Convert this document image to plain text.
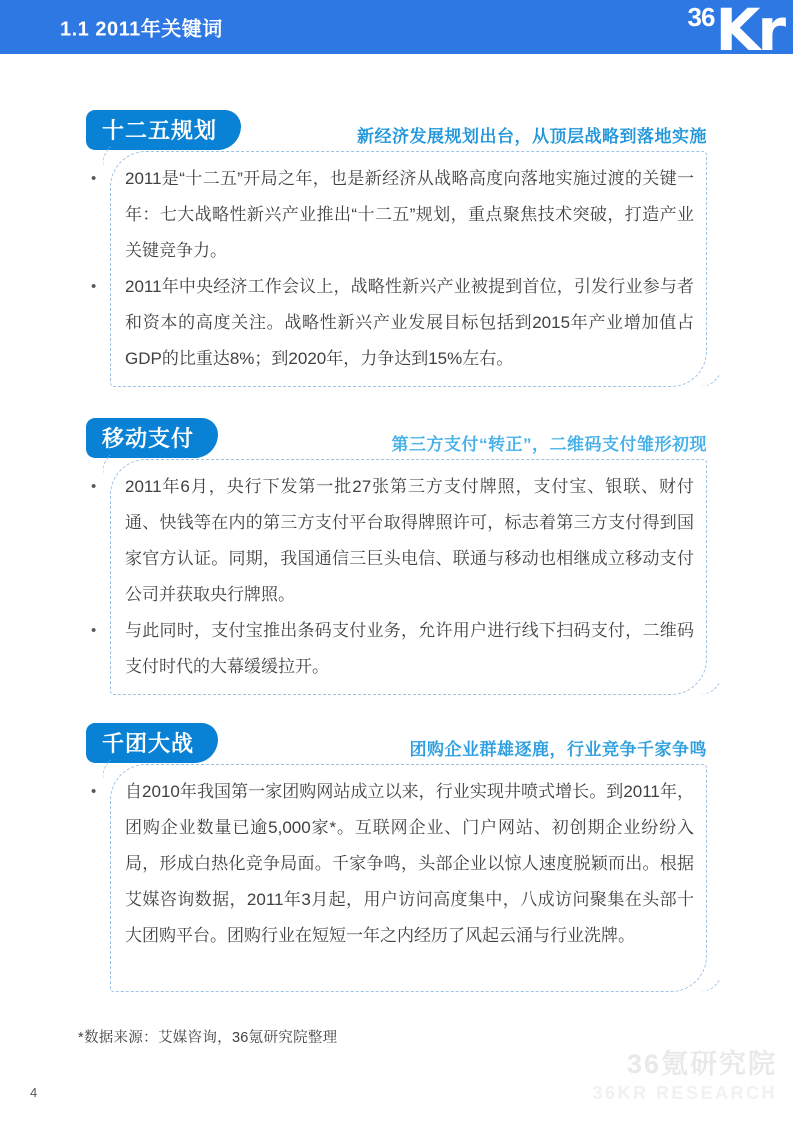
1.1 2011年关键词	36 Kr
十二五规划	新经济发展规划出台，从顶层战略到落地实施
• 2011是“十二五”开局之年，也是新经济从战略高度向落地实施过渡的关键一年：七大战略性新兴产业推出“十二五”规划，重点聚焦技术突破，打造产业关键竞争力。
• 2011年中央经济工作会议上，战略性新兴产业被提到首位，引发行业参与者和资本的高度关注。战略性新兴产业发展目标包括到2015年产业增加值占GDP的比重达8%；到2020年，力争达到15%左右。
移动支付	第三方支付“转正”，二维码支付雏形初现
• 2011年6月，央行下发第一批27张第三方支付牌照，支付宝、银联、财付通、快钱等在内的第三方支付平台取得牌照许可，标志着第三方支付得到国家官方认证。同期，我国通信三巨头电信、联通与移动也相继成立移动支付公司并获取央行牌照。
• 与此同时，支付宝推出条码支付业务，允许用户进行线下扫码支付，二维码支付时代的大幕缓缓拉开。
千团大战	团购企业群雄逐鹿，行业竞争千家争鸣
• 自2010年我国第一家团购网站成立以来，行业实现井喷式增长。到2011年，团购企业数量已逾5,000家*。互联网企业、门户网站、初创期企业纷纷入局，形成白热化竞争局面。千家争鸣，头部企业以惊人速度脱颖而出。根据艾媒咨询数据，2011年3月起，用户访问高度集中，八成访问聚集在头部十大团购平台。团购行业在短短一年之内经历了风起云涌与行业洗牌。
*数据来源：艾媒咨询，36氪研究院整理
36氪研究院
36KR RESEARCH
4
